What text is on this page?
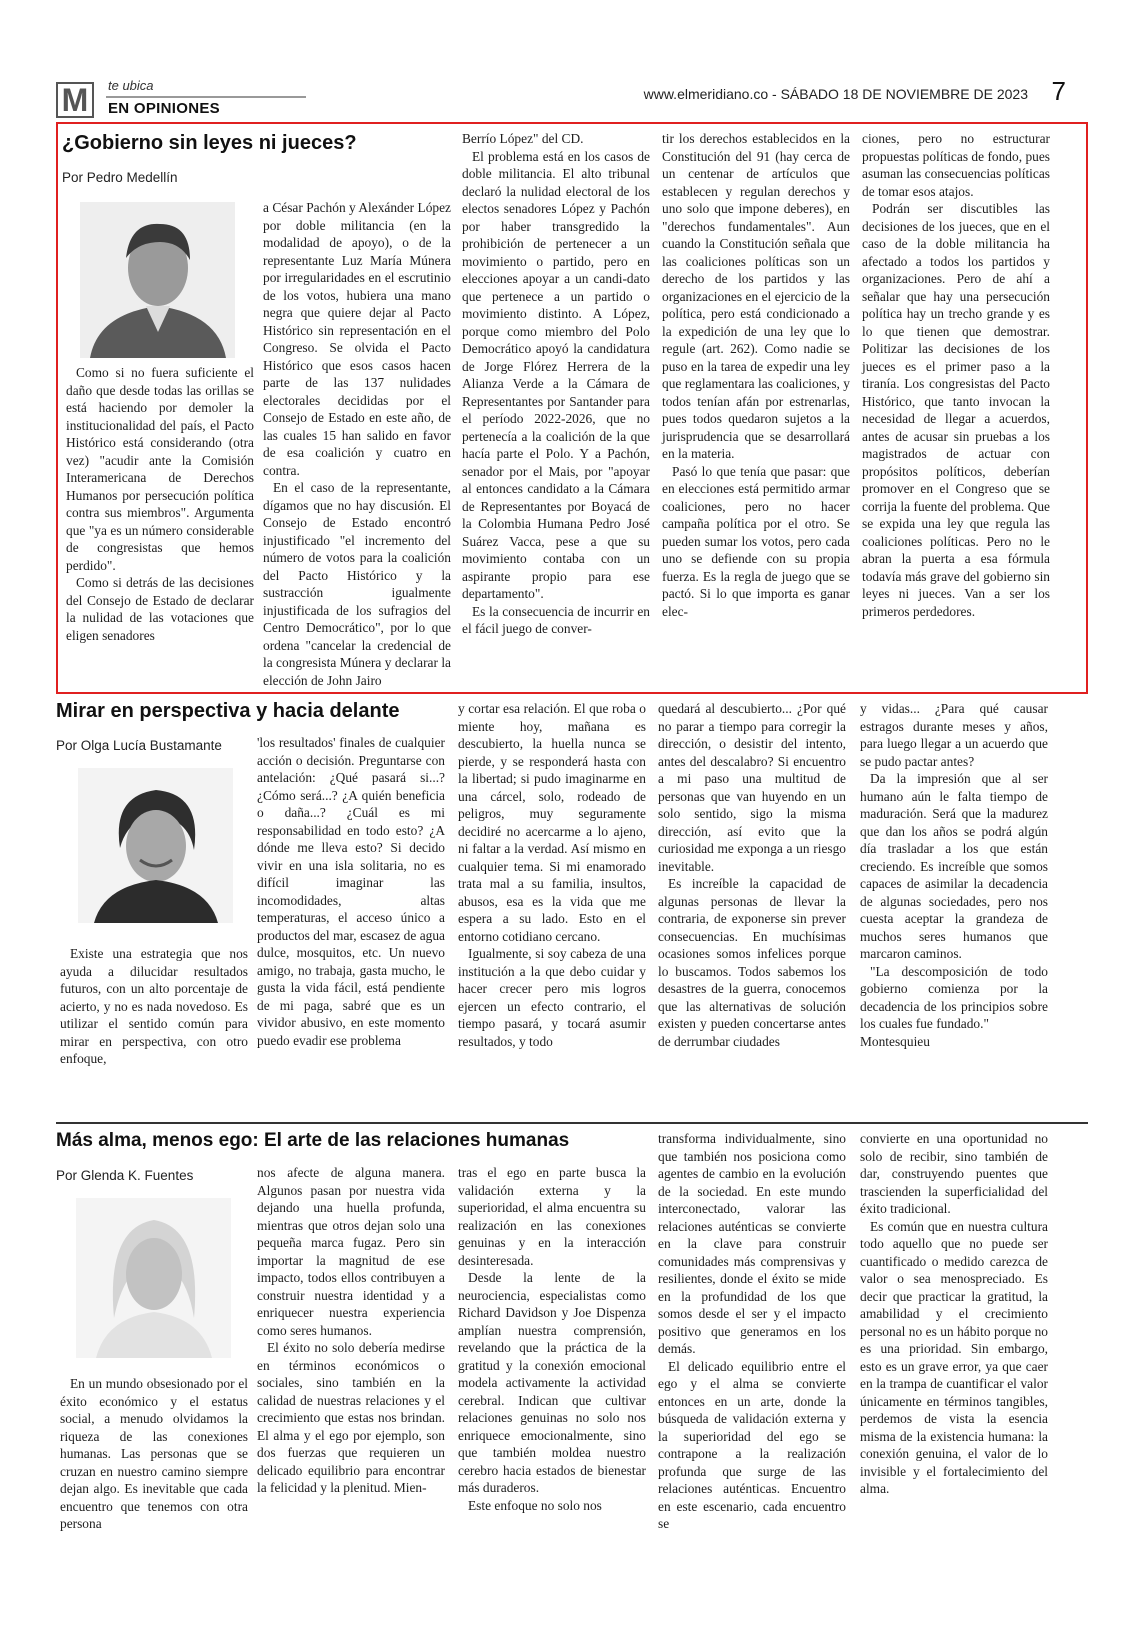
M	te ubica
EN OPINIONES
www.elmeridiano.co - SÁBADO 18 DE NOVIEMBRE DE 2023 7
¿Gobierno sin leyes ni jueces?
Por Pedro Medellín

Como si no fuera suficiente el daño que desde todas las orillas se está haciendo por demoler la institucionalidad del país, el Pacto Histórico está considerando (otra vez) "acudir ante la Comisión Interamericana de Derechos Humanos por persecución política contra sus miembros". Argumenta que "ya es un número considerable de congresistas que hemos perdido".

Como si detrás de las decisiones del Consejo de Estado de declarar la nulidad de las votaciones que eligen senadores

a César Pachón y Alexánder López por doble militancia (en la modalidad de apoyo), o de la representante Luz María Múnera por irregularidades en el escrutinio de los votos, hubiera una mano negra que quiere dejar al Pacto Histórico sin representación en el Congreso. Se olvida el Pacto Histórico que esos casos hacen parte de las 137 nulidades electorales decididas por el Consejo de Estado en este año, de las cuales 15 han salido en favor de esa coalición y cuatro en contra.

En el caso de la representante, dígamos que no hay discusión. El Consejo de Estado encontró injustificado "el incremento del número de votos para la coalición del Pacto Histórico y la sustracción igualmente injustificada de los sufragios del Centro Democrático", por lo que ordena "cancelar la credencial de la congresista Múnera y declarar la elección de John Jairo

Berrío López" del CD.

El problema está en los casos de doble militancia. El alto tribunal declaró la nulidad electoral de los electos senadores López y Pachón por haber transgredido la prohibición de pertenecer a un movimiento o partido, pero en elecciones apoyar a un candi-dato que pertenece a un partido o movimiento distinto. A López, porque como miembro del Polo Democrático apoyó la candidatura de Jorge Flórez Herrera de la Alianza Verde a la Cámara de Representantes por Santander para el período 2022-2026, que no pertenecía a la coalición de la que hacía parte el Polo. Y a Pachón, senador por el Mais, por "apoyar al entonces candidato a la Cámara de Representantes por Boyacá de la Colombia Humana Pedro José Suárez Vacca, pese a que su movimiento contaba con un aspirante propio para ese departamento".

Es la consecuencia de incurrir en el fácil juego de conver-

tir los derechos establecidos en la Constitución del 91 (hay cerca de un centenar de artículos que establecen y regulan derechos y uno solo que impone deberes), en "derechos fundamentales". Aun cuando la Constitución señala que las coaliciones políticas son un derecho de los partidos y las organizaciones en el ejercicio de la política, pero está condicionado a la expedición de una ley que lo regule (art. 262). Como nadie se puso en la tarea de expedir una ley que reglamentara las coaliciones, y todos tenían afán por estrenarlas, pues todos quedaron sujetos a la jurisprudencia que se desarrollará en la materia.

Pasó lo que tenía que pasar: que en elecciones está permitido armar coaliciones, pero no hacer campaña política por el otro. Se pueden sumar los votos, pero cada uno se defiende con su propia fuerza. Es la regla de juego que se pactó. Si lo que importa es ganar elec-

ciones, pero no estructurar propuestas políticas de fondo, pues asuman las consecuencias políticas de tomar esos atajos.

Podrán ser discutibles las decisiones de los jueces, que en el caso de la doble militancia ha afectado a todos los partidos y organizaciones. Pero de ahí a señalar que hay una persecución política hay un trecho grande y es lo que tienen que demostrar. Politizar las decisiones de los jueces es el primer paso a la tiranía. Los congresistas del Pacto Histórico, que tanto invocan la necesidad de llegar a acuerdos, antes de acusar sin pruebas a los magistrados de actuar con propósitos políticos, deberían promover en el Congreso que se corrija la fuente del problema. Que se expida una ley que regula las coaliciones políticas. Pero no le abran la puerta a esa fórmula todavía más grave del gobierno sin leyes ni jueces. Van a ser los primeros perdedores.

Mirar en perspectiva y hacia delante
Por Olga Lucía Bustamante

Existe una estrategia que nos ayuda a dilucidar resultados futuros, con un alto porcentaje de acierto, y no es nada novedoso. Es utilizar el sentido común para mirar en perspectiva, con otro enfoque,

'los resultados' finales de cualquier acción o decisión. Preguntarse con antelación: ¿Qué pasará si...? ¿Cómo será...? ¿A quién beneficia o daña...? ¿Cuál es mi responsabilidad en todo esto? ¿A dónde me lleva esto? Si decido vivir en una isla solitaria, no es difícil imaginar las incomodidades, altas temperaturas, el acceso único a productos del mar, escasez de agua dulce, mosquitos, etc. Un nuevo amigo, no trabaja, gasta mucho, le gusta la vida fácil, está pendiente de mi paga, sabré que es un vividor abusivo, en este momento puedo evadir ese problema

y cortar esa relación. El que roba o miente hoy, mañana es descubierto, la huella nunca se pierde, y se responderá hasta con la libertad; si pudo imaginarme en una cárcel, solo, rodeado de peligros, muy seguramente decidiré no acercarme a lo ajeno, ni faltar a la verdad. Así mismo en cualquier tema. Si mi enamorado trata mal a su familia, insultos, abusos, esa es la vida que me espera a su lado. Esto en el entorno cotidiano cercano.

Igualmente, si soy cabeza de una institución a la que debo cuidar y hacer crecer pero mis logros ejercen un efecto contrario, el tiempo pasará, y tocará asumir resultados, y todo

quedará al descubierto... ¿Por qué no parar a tiempo para corregir la dirección, o desistir del intento, antes del descalabro? Si encuentro a mi paso una multitud de personas que van huyendo en un solo sentido, sigo la misma dirección, así evito que la curiosidad me exponga a un riesgo inevitable.

Es increíble la capacidad de algunas personas de llevar la contraria, de exponerse sin prever consecuencias. En muchísimas ocasiones somos infelices porque lo buscamos. Todos sabemos los desastres de la guerra, conocemos que las alternativas de solución existen y pueden concertarse antes de derrumbar ciudades

y vidas... ¿Para qué causar estragos durante meses y años, para luego llegar a un acuerdo que se pudo pactar antes?

Da la impresión que al ser humano aún le falta tiempo de maduración. Será que la madurez que dan los años se podrá algún día trasladar a los que están creciendo. Es increíble que somos capaces de asimilar la decadencia de algunas sociedades, pero nos cuesta aceptar la grandeza de muchos seres humanos que marcaron caminos.

"La descomposición de todo gobierno comienza por la decadencia de los principios sobre los cuales fue fundado."

Montesquieu

Más alma, menos ego: El arte de las relaciones humanas
Por Glenda K. Fuentes

En un mundo obsesionado por el éxito económico y el estatus social, a menudo olvidamos la riqueza de las conexiones humanas. Las personas que se cruzan en nuestro camino siempre dejan algo. Es inevitable que cada encuentro que tenemos con otra persona

nos afecte de alguna manera. Algunos pasan por nuestra vida dejando una huella profunda, mientras que otros dejan solo una pequeña marca fugaz. Pero sin importar la magnitud de ese impacto, todos ellos contribuyen a construir nuestra identidad y a enriquecer nuestra experiencia como seres humanos.

El éxito no solo debería medirse en términos económicos o sociales, sino también en la calidad de nuestras relaciones y el crecimiento que estas nos brindan. El alma y el ego por ejemplo, son dos fuerzas que requieren un delicado equilibrio para encontrar la felicidad y la plenitud. Mien-

tras el ego en parte busca la validación externa y la superioridad, el alma encuentra su realización en las conexiones genuinas y en la interacción desinteresada.

Desde la lente de la neurociencia, especialistas como Richard Davidson y Joe Dispenza amplían nuestra comprensión, revelando que la práctica de la gratitud y la conexión emocional modela activamente la actividad cerebral. Indican que cultivar relaciones genuinas no solo nos enriquece emocionalmente, sino que también moldea nuestro cerebro hacia estados de bienestar más duraderos.

Este enfoque no solo nos

transforma individualmente, sino que también nos posiciona como agentes de cambio en la evolución de la sociedad. En este mundo interconectado, valorar las relaciones auténticas se convierte en la clave para construir comunidades más comprensivas y resilientes, donde el éxito se mide en la profundidad de los que somos desde el ser y el impacto positivo que generamos en los demás.

El delicado equilibrio entre el ego y el alma se convierte entonces en un arte, donde la búsqueda de validación externa y la superioridad del ego se contrapone a la realización profunda que surge de las relaciones auténticas. Encuentro en este escenario, cada encuentro se

convierte en una oportunidad no solo de recibir, sino también de dar, construyendo puentes que trascienden la superficialidad del éxito tradicional.

Es común que en nuestra cultura todo aquello que no puede ser cuantificado o medido carezca de valor o sea menospreciado. Es decir que practicar la gratitud, la amabilidad y el crecimiento personal no es un hábito porque no es una prioridad. Sin embargo, esto es un grave error, ya que caer en la trampa de cuantificar el valor únicamente en términos tangibles, perdemos de vista la esencia misma de la existencia humana: la conexión genuina, el valor de lo invisible y el fortalecimiento del alma.
